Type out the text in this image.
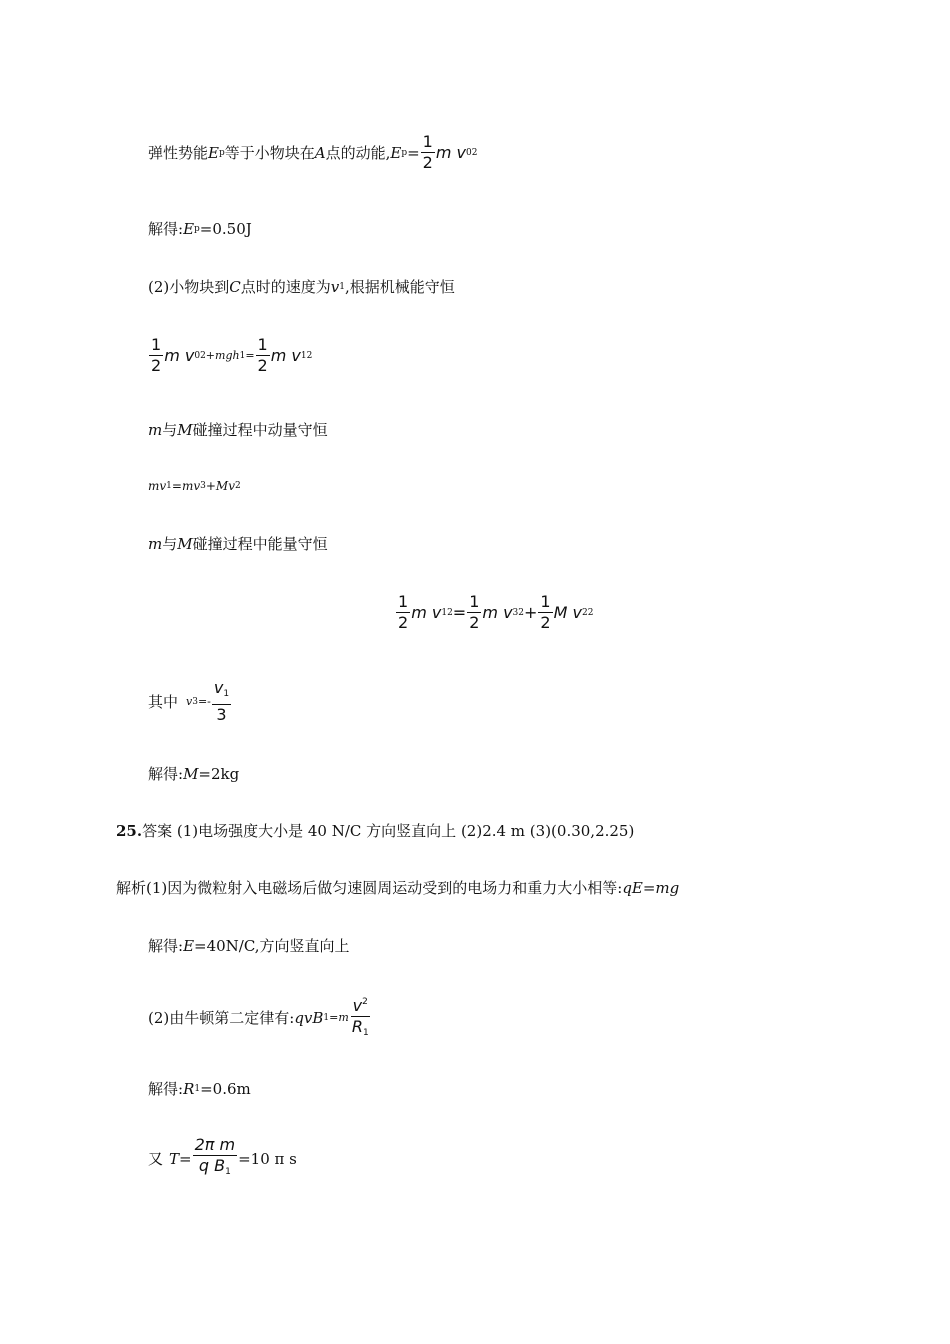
弹性势能 E p 等于小物块在 A 点的动能, E $p = \frac{1}{2}$ m v 0 2
解得: E p =0.50J
(2)小物块到 C 点时的速度为 v 1 ,根据机械能守恒
$\frac{1}{2}$ m v 0 2 +mgh $1 = \frac{1}{2}$ m v 1 2
m 与 M 碰撞过程中动量守恒
mv 1 =mv 3 +Mv 2
m 与 M 碰撞过程中能量守恒
$\frac{1}{2}$ m v 1 $2 = \frac{1}{2}$ m v 3 $2 + \frac{1}{2}$ M v 2 2
其中 v $3 =- \frac{v_1}{3}$
解得: M =2kg
25. 答案 (1)电场强度大小是 40 N/C 方向竖直向上 (2)2.4 m (3)(0.30,2.25)
解析(1)因为微粒射入电磁场后做匀速圆周运动受到的电场力和重力大小相等: qE=mg
解得: E =40N/C,方向竖直向上
(2)由牛顿第二定律有: qvB $1 =m \frac{v^2}{R_1}$
解得: R 1 =0.6m
又 $T = \frac{\text{2π m}}{q B_1} =10$ π s
